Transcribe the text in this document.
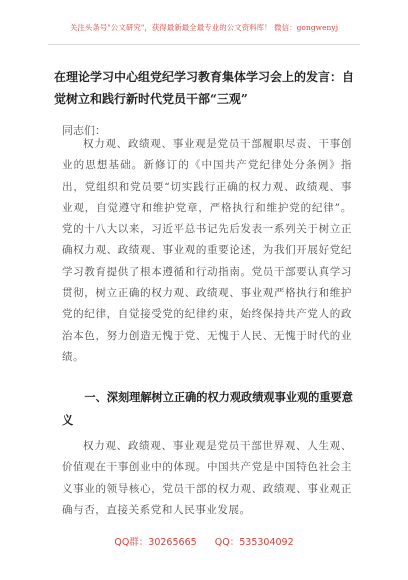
关注头条号"公文研究"，获得最新最全最专业的公文资料库！ 微信：gongwenyj
在理论学习中心组党纪学习教育集体学习会上的发言：自觉树立和践行新时代党员干部“三观”
同志们：
权力观、政绩观、事业观是党员干部履职尽责、干事创业的思想基础。新修订的《中国共产党纪律处分条例》指出，党组织和党员要“切实践行正确的权力观、政绩观、事业观，自觉遵守和维护党章，严格执行和维护党的纪律”。党的十八大以来，习近平总书记先后发表一系列关于树立正确权力观、政绩观、事业观的重要论述，为我们开展好党纪学习教育提供了根本遵循和行动指南。党员干部要认真学习贯彻，树立正确的权力观、政绩观、事业观严格执行和维护党的纪律，自觉接受党的纪律约束，始终保持共产党人的政治本色，努力创造无愧于党、无愧于人民、无愧于时代的业绩。
一、深刻理解树立正确的权力观政绩观事业观的重要意义
权力观、政绩观、事业观是党员干部世界观、人生观、价值观在干事创业中的体现。中国共产党是中国特色社会主义事业的领导核心，党员干部的权力观、政绩观、事业观正确与否，直接关系党和人民事业发展。
QQ群：30265665 QQ：535304092
